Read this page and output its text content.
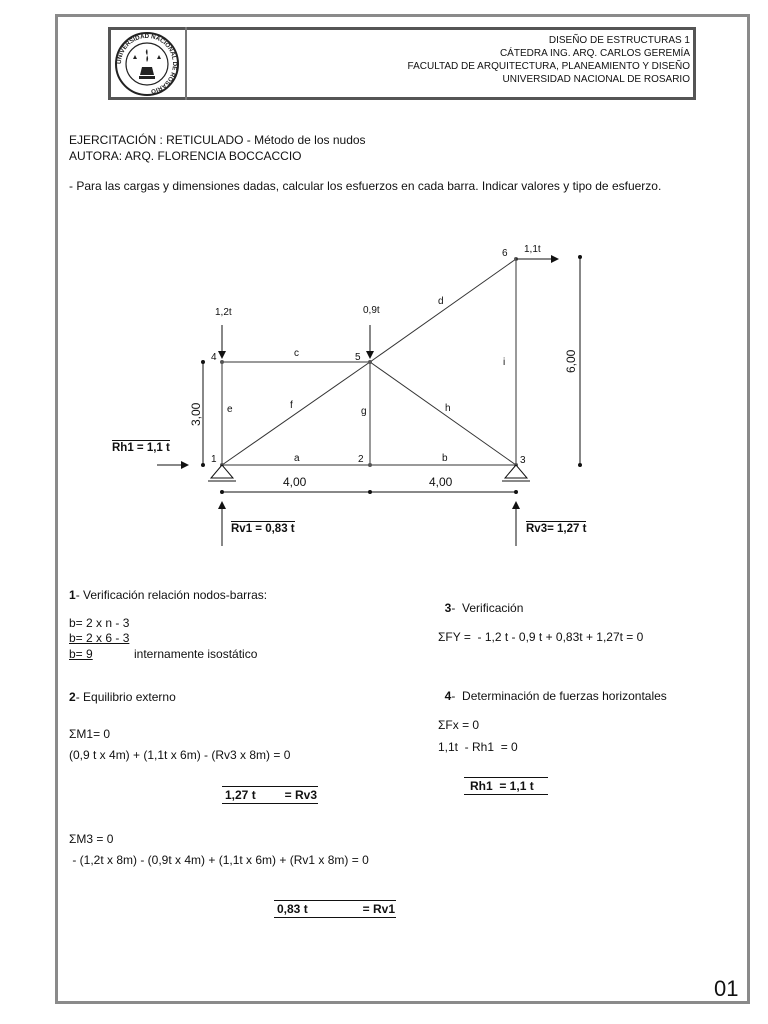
UNIVERSIDAD NACIONAL DE ROSARIO
DISEÑO DE ESTRUCTURAS 1
CÁTEDRA ING. ARQ. CARLOS GEREMÍA
FACULTAD DE ARQUITECTURA, PLANEAMIENTO Y DISEÑO
UNIVERSIDAD NACIONAL DE ROSARIO
EJERCITACIÓN : RETICULADO - Método de los nudos
AUTORA: ARQ. FLORENCIA BOCCACCIO
- Para las cargas y dimensiones dadas, calcular los esfuerzos en cada barra. Indicar valores y tipo de esfuerzo.
1	2	3
4	5
6
a	b
c
d
e	f
g	h
i
1,2t	0,9t
1,1t
3,00
6,00
4,00	4,00
Rh1 = 1,1 t
Rv1 = 0,83 t	Rv3= 1,27 t
1- Verificación relación nodos-barras:
b= 2 x n - 3
b= 2 x 6 - 3
b= 9	internamente isostático
2- Equilibrio externo
ΣM1= 0
(0,9 t x 4m) + (1,1t x 6m) - (Rv3 x 8m) = 0
1,27 t = Rv3
ΣM3 = 0
- (1,2t x 8m) - (0,9t x 4m) + (1,1t x 6m) + (Rv1 x 8m) = 0
0,83 t	= Rv1

3-  Verificación

ΣFY =  - 1,2 t - 0,9 t + 0,83t + 1,27t = 0

4-  Determinación de fuerzas horizontales

ΣFx = 0
1,1t  - Rh1  = 0
Rh1  = 1,1 t
01
